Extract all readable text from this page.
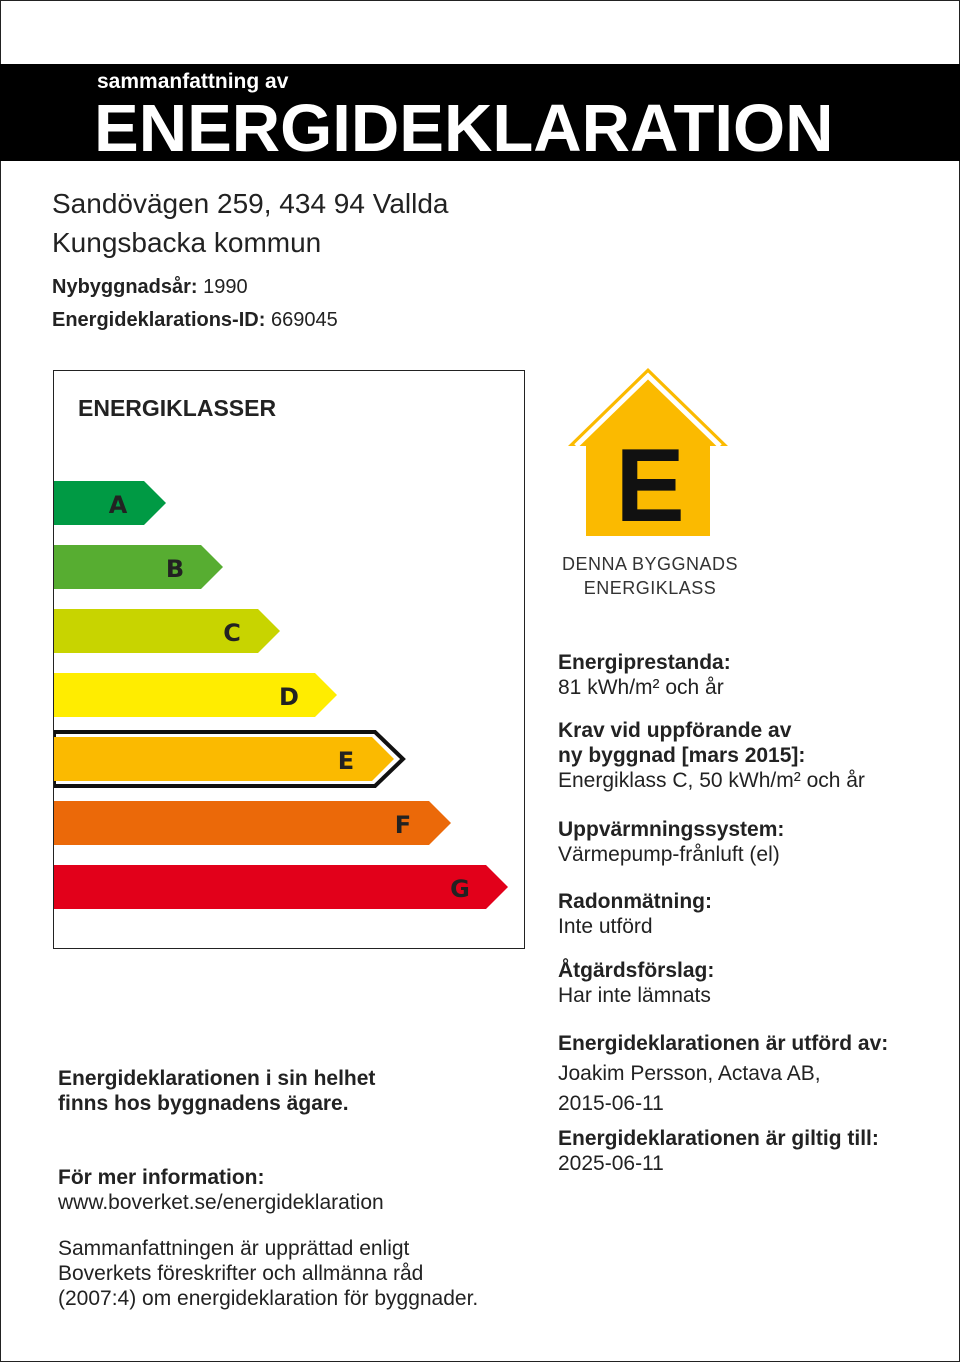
sammanfattning av
ENERGIDEKLARATION
Sandövägen 259, 434 94 Vallda
Kungsbacka kommun
Nybyggnadsår: 1990
Energideklarations-ID: 669045
ENERGIKLASSER
A
B
C
D
E
F
G
E
DENNA BYGGNADS
ENERGIKLASS
Energiprestanda:
81 kWh/m² och år
Krav vid uppförande av
ny byggnad [mars 2015]:
Energiklass C, 50 kWh/m² och år
Uppvärmningssystem:
Värmepump-frånluft (el)
Radonmätning:
Inte utförd
Åtgärdsförslag:
Har inte lämnats
Energideklarationen är utförd av:
Joakim Persson, Actava AB,
2015-06-11
Energideklarationen är giltig till:
2025-06-11
Energideklarationen i sin helhet
finns hos byggnadens ägare.
För mer information:
www.boverket.se/energideklaration
Sammanfattningen är upprättad enligt
Boverkets föreskrifter och allmänna råd
(2007:4) om energideklaration för byggnader.
